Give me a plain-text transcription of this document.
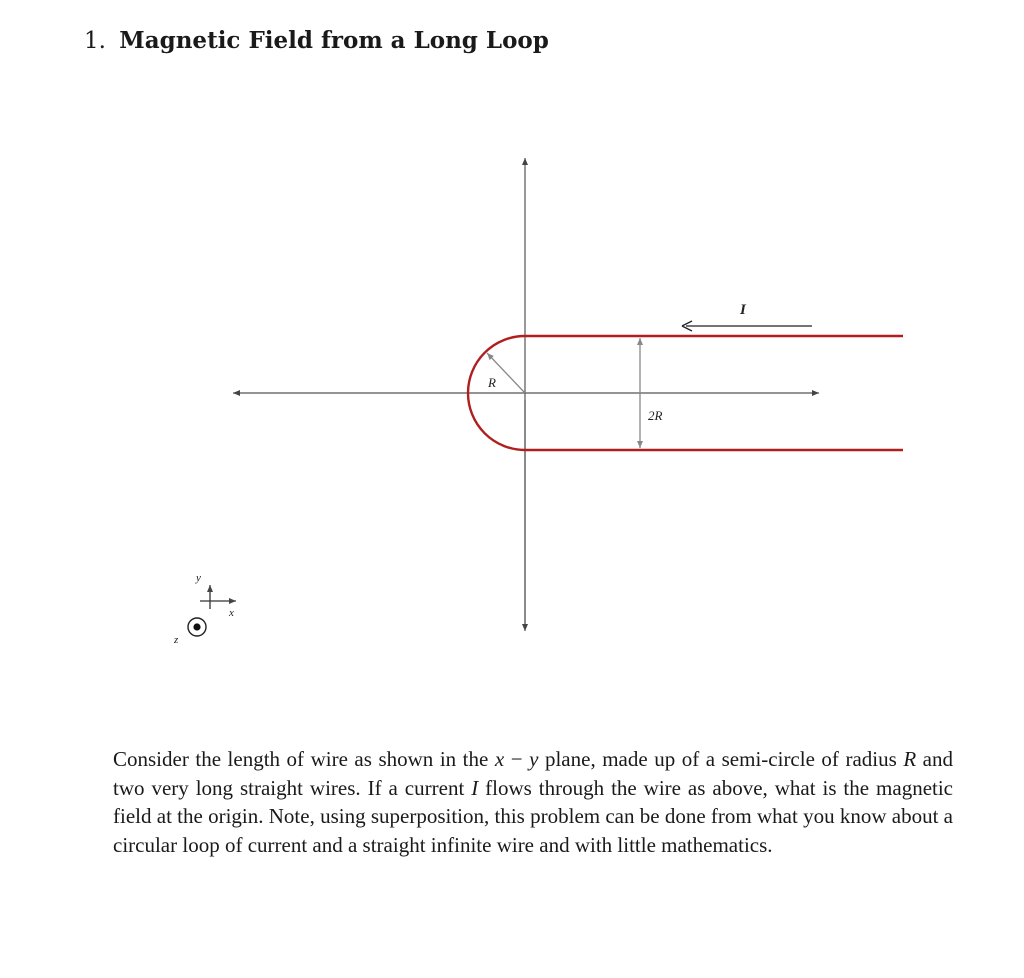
1. Magnetic Field from a Long Loop
R
2R
I
y
x
z
Consider the length of wire as shown in the x − y plane, made up of a semi-circle of radius R and two very long straight wires. If a current I flows through the wire as above, what is the magnetic field at the origin. Note, using superposition, this problem can be done from what you know about a circular loop of current and a straight infinite wire and with little mathematics.
